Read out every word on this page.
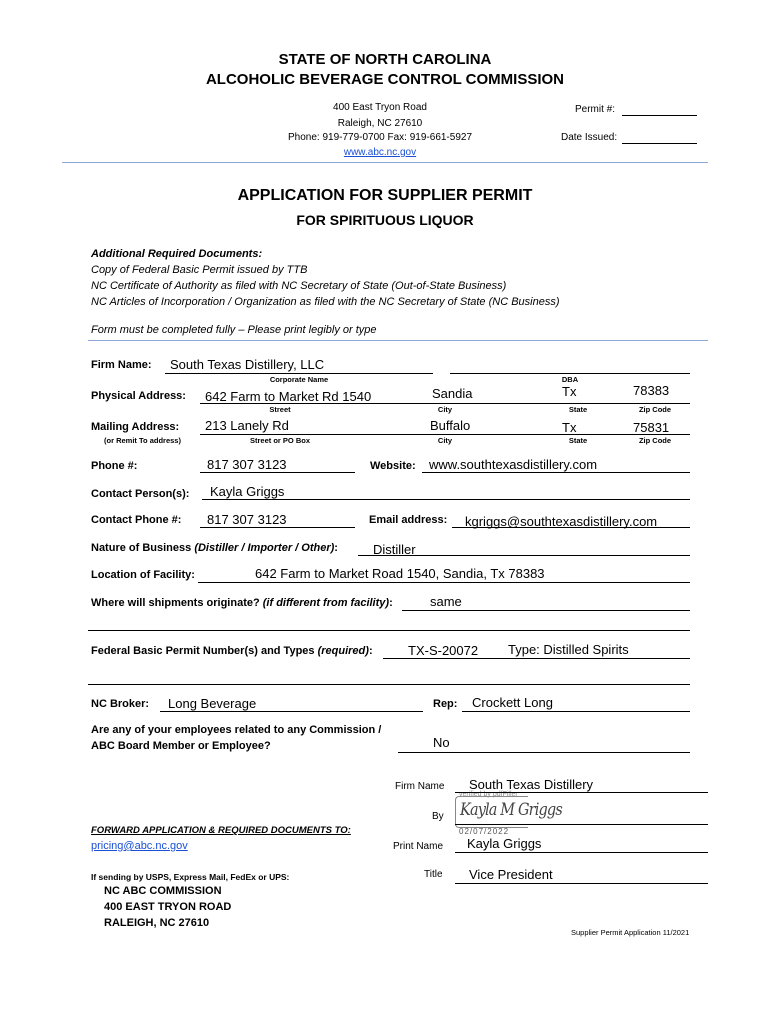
STATE OF NORTH CAROLINA
ALCOHOLIC BEVERAGE CONTROL COMMISSION
400 East Tryon Road
Raleigh, NC 27610
Phone: 919-779-0700 Fax: 919-661-5927
www.abc.nc.gov
Permit #:
Date Issued:
APPLICATION FOR SUPPLIER PERMIT
FOR SPIRITUOUS LIQUOR
Additional Required Documents:
Copy of Federal Basic Permit issued by TTB
NC Certificate of Authority as filed with NC Secretary of State (Out-of-State Business)
NC Articles of Incorporation / Organization as filed with the NC Secretary of State (NC Business)
Form must be completed fully – Please print legibly or type
Firm Name: South Texas Distillery, LLC
Corporate Name	DBA
Physical Address: 642 Farm to Market Rd 1540	Sandia	Tx	78383
Street	City	State	Zip Code
Mailing Address:
(or Remit To address)
213 Lanely Rd	Buffalo	Tx	75831
Street or PO Box	City	State	Zip Code
Phone #:	817 307 3123	Website: www.southtexasdistillery.com
Contact Person(s): Kayla Griggs
Contact Phone #: 817 307 3123	Email address: kgriggs@southtexasdistillery.com
Nature of Business (Distiller / Importer / Other):	Distiller
Location of Facility:	642 Farm to Market Road 1540, Sandia, Tx 78383
Where will shipments originate? (if different from facility):	same
Federal Basic Permit Number(s) and Types (required):	TX-S-20072 Type: Distilled Spirits
NC Broker: Long Beverage	Rep: Crockett Long
Are any of your employees related to any Commission /
ABC Board Member or Employee?	No
Firm Name South Texas Distillery
verified by pdfFiller
By Kayla M Griggs
02/07/2022
Print Name Kayla Griggs
Title Vice President
FORWARD APPLICATION & REQUIRED DOCUMENTS TO:
pricing@abc.nc.gov
If sending by USPS, Express Mail, FedEx or UPS:
NC ABC COMMISSION
400 EAST TRYON ROAD
RALEIGH, NC 27610
Supplier Permit Application 11/2021
